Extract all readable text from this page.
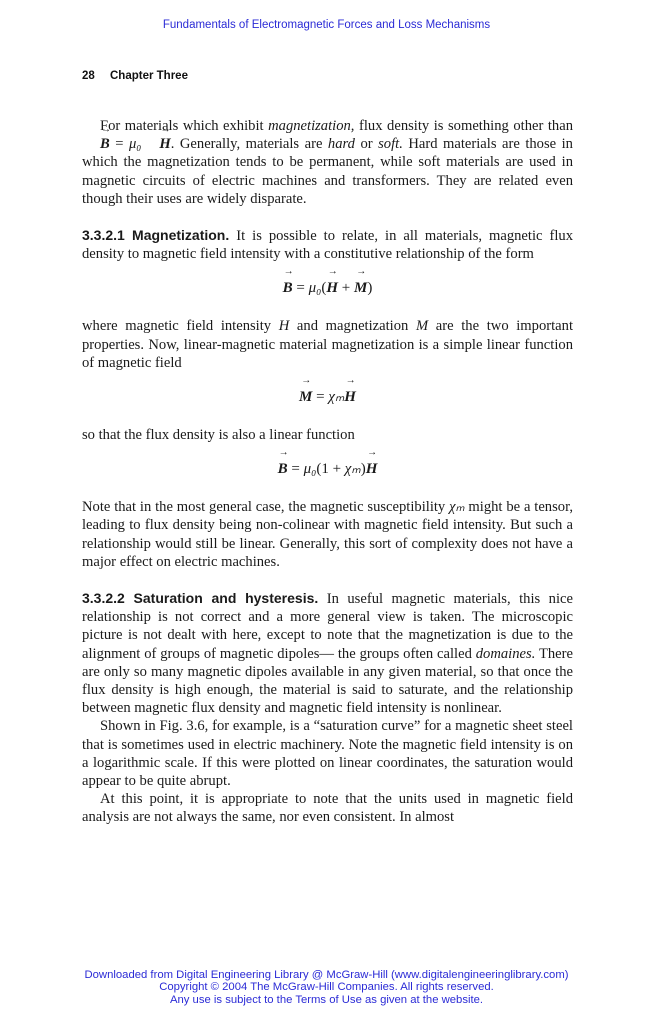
Fundamentals of Electromagnetic Forces and Loss Mechanisms
28 Chapter Three

For materials which exhibit magnetization, flux density is something other than → B = μ₀ → H. Generally, materials are hard or soft. Hard materials are those in which the magnetization tends to be permanent, while soft materials are used in magnetic circuits of electric machines and transformers. They are related even though their uses are widely disparate.

3.3.2.1 Magnetization. It is possible to relate, in all materials, magnetic flux density to magnetic field intensity with a constitutive relationship of the form

→ B = μ₀(→ H + → M)

where magnetic field intensity H and magnetization M are the two important properties. Now, linear-magnetic material magnetization is a simple linear function of magnetic field

→ M = χₘ→ H

so that the flux density is also a linear function

→ B = μ₀(1 + χₘ)→ H

Note that in the most general case, the magnetic susceptibility χₘ might be a tensor, leading to flux density being non-colinear with magnetic field intensity. But such a relationship would still be linear. Generally, this sort of complexity does not have a major effect on electric machines.

3.3.2.2 Saturation and hysteresis. In useful magnetic materials, this nice relationship is not correct and a more general view is taken. The microscopic picture is not dealt with here, except to note that the magnetization is due to the alignment of groups of magnetic dipoles— the groups often called domaines. There are only so many magnetic dipoles available in any given material, so that once the flux density is high enough, the material is said to saturate, and the relationship between magnetic flux density and magnetic field intensity is nonlinear.

Shown in Fig. 3.6, for example, is a “saturation curve” for a magnetic sheet steel that is sometimes used in electric machinery. Note the magnetic field intensity is on a logarithmic scale. If this were plotted on linear coordinates, the saturation would appear to be quite abrupt.

At this point, it is appropriate to note that the units used in magnetic field analysis are not always the same, nor even consistent. In almost

Downloaded from Digital Engineering Library @ McGraw-Hill (www.digitalengineeringlibrary.com)
Copyright © 2004 The McGraw-Hill Companies. All rights reserved.
Any use is subject to the Terms of Use as given at the website.
